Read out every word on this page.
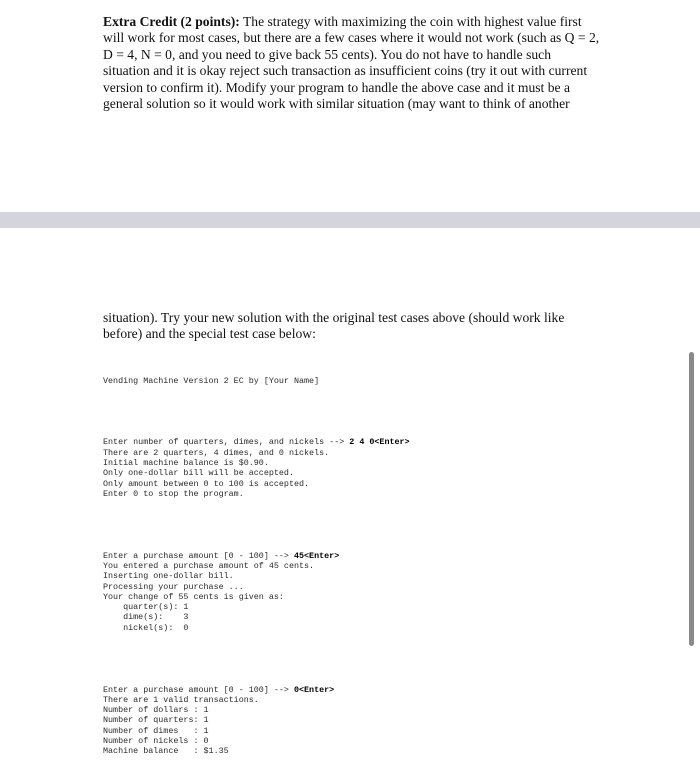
Extra Credit (2 points): The strategy with maximizing the coin with highest value first will work for most cases, but there are a few cases where it would not work (such as Q = 2, D = 4, N = 0, and you need to give back 55 cents). You do not have to handle such situation and it is okay reject such transaction as insufficient coins (try it out with current version to confirm it). Modify your program to handle the above case and it must be a general solution so it would work with similar situation (may want to think of another
situation). Try your new solution with the original test cases above (should work like before) and the special test case below:

Vending Machine Version 2 EC by [Your Name]

Enter number of quarters, dimes, and nickels --> 2 4 0<Enter>
There are 2 quarters, 4 dimes, and 0 nickels.
Initial machine balance is $0.90.
Only one-dollar bill will be accepted.
Only amount between 0 to 100 is accepted.
Enter 0 to stop the program.

Enter a purchase amount [0 - 100] --> 45<Enter>
You entered a purchase amount of 45 cents.
Inserting one-dollar bill.
Processing your purchase ...
Your change of 55 cents is given as:
quarter(s): 1
dime(s):    3
nickel(s):  0

Enter a purchase amount [0 - 100] --> 0<Enter>
There are 1 valid transactions.
Number of dollars : 1
Number of quarters: 1
Number of dimes   : 1
Number of nickels : 0
Machine balance   : $1.35
